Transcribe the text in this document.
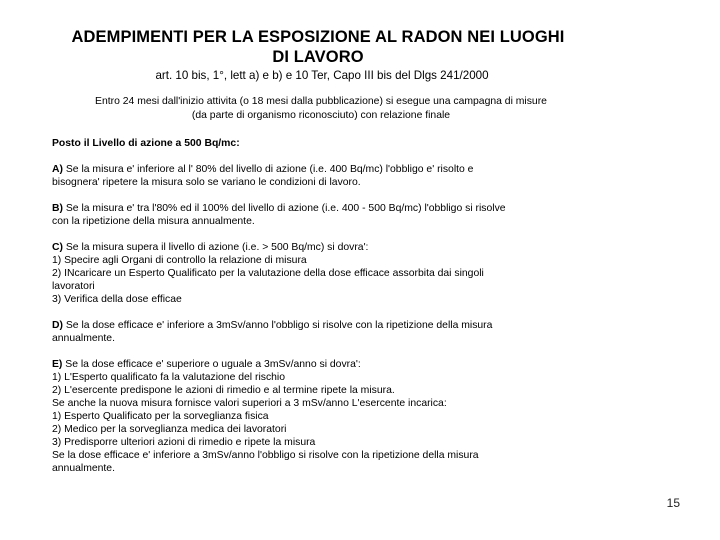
ADEMPIMENTI PER LA ESPOSIZIONE AL RADON NEI LUOGHI
DI LAVORO
art. 10 bis, 1°, lett a) e b) e 10 Ter, Capo III bis del Dlgs 241/2000
Entro 24 mesi dall'inizio attivita (o 18 mesi dalla pubblicazione) si esegue una campagna di misure
(da parte di organismo riconosciuto) con relazione finale

Posto il Livello di azione a 500 Bq/mc:

A) Se la misura e' inferiore al l' 80% del livello di azione (i.e. 400 Bq/mc) l'obbligo e' risolto e

bisognera' ripetere la misura solo se variano le condizioni di lavoro.

B) Se la misura e' tra l'80% ed il 100% del livello di azione (i.e. 400 - 500 Bq/mc) l'obbligo si risolve

con la ripetizione della misura annualmente.

C) Se la misura supera il livello di azione (i.e. > 500 Bq/mc) si dovra':

1) Specire agli Organi di controllo la relazione di misura

2) INcaricare un Esperto Qualificato per la valutazione della dose efficace assorbita dai singoli

lavoratori

3) Verifica della dose efficae

D) Se la dose efficace e' inferiore a 3mSv/anno l'obbligo si risolve con la ripetizione della misura

annualmente.

E) Se la dose efficace e' superiore o uguale a 3mSv/anno si dovra':

1) L'Esperto qualificato fa la valutazione del rischio

2) L'esercente predispone le azioni di rimedio e al termine ripete la misura.

Se anche la nuova misura fornisce valori superiori a 3 mSv/anno L'esercente incarica:

1) Esperto Qualificato per la sorveglianza fisica

2) Medico per la sorveglianza medica dei lavoratori

3) Predisporre ulteriori azioni di rimedio e ripete la misura

Se la dose efficace e' inferiore a 3mSv/anno l'obbligo si risolve con la ripetizione della misura

annualmente.

15
